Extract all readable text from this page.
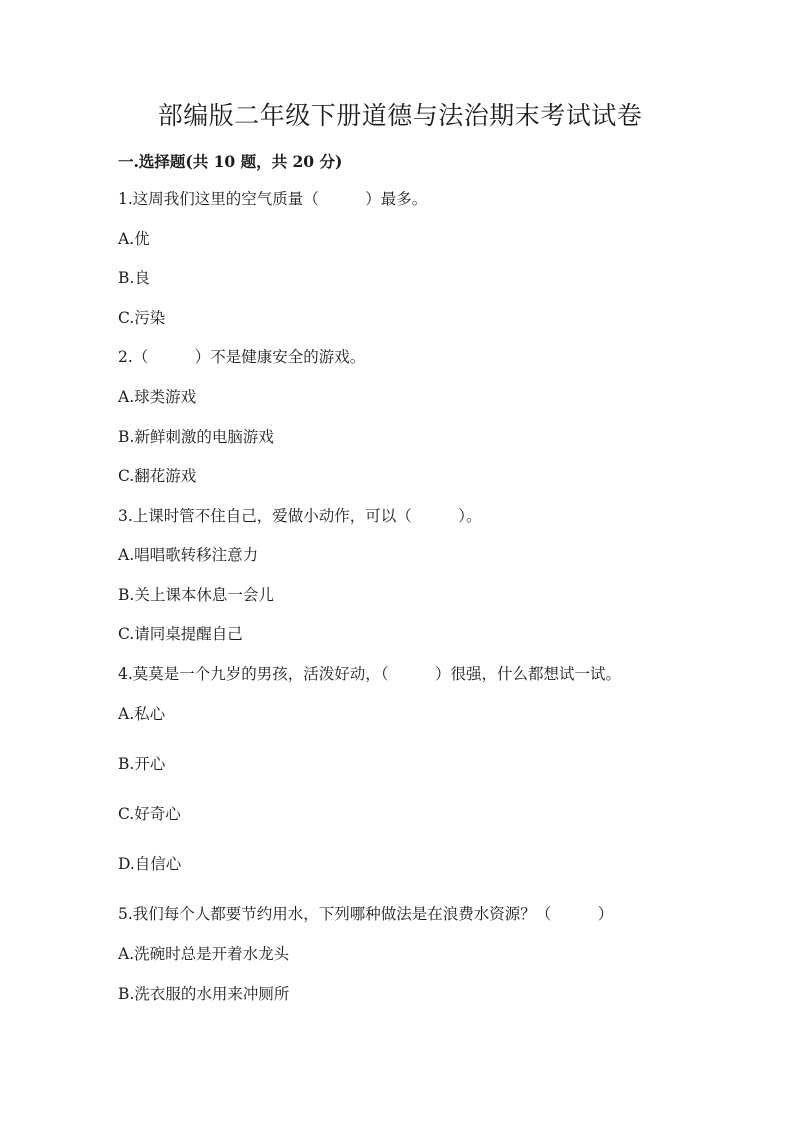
部编版二年级下册道德与法治期末考试试卷
一.选择题(共 10 题，共 20 分)

1.这周我们这里的空气质量（　　　）最多。

A.优

B.良

C.污染

2.（　　　）不是健康安全的游戏。

A.球类游戏

B.新鲜刺激的电脑游戏

C.翻花游戏

3.上课时管不住自己，爱做小动作，可以（　　　）。

A.唱唱歌转移注意力

B.关上课本休息一会儿

C.请同桌提醒自己

4.莫莫是一个九岁的男孩，活泼好动，（　　　）很强，什么都想试一试。

A.私心

B.开心

C.好奇心

D.自信心

5.我们每个人都要节约用水，下列哪种做法是在浪费水资源？（　　　）

A.洗碗时总是开着水龙头

B.洗衣服的水用来冲厕所
